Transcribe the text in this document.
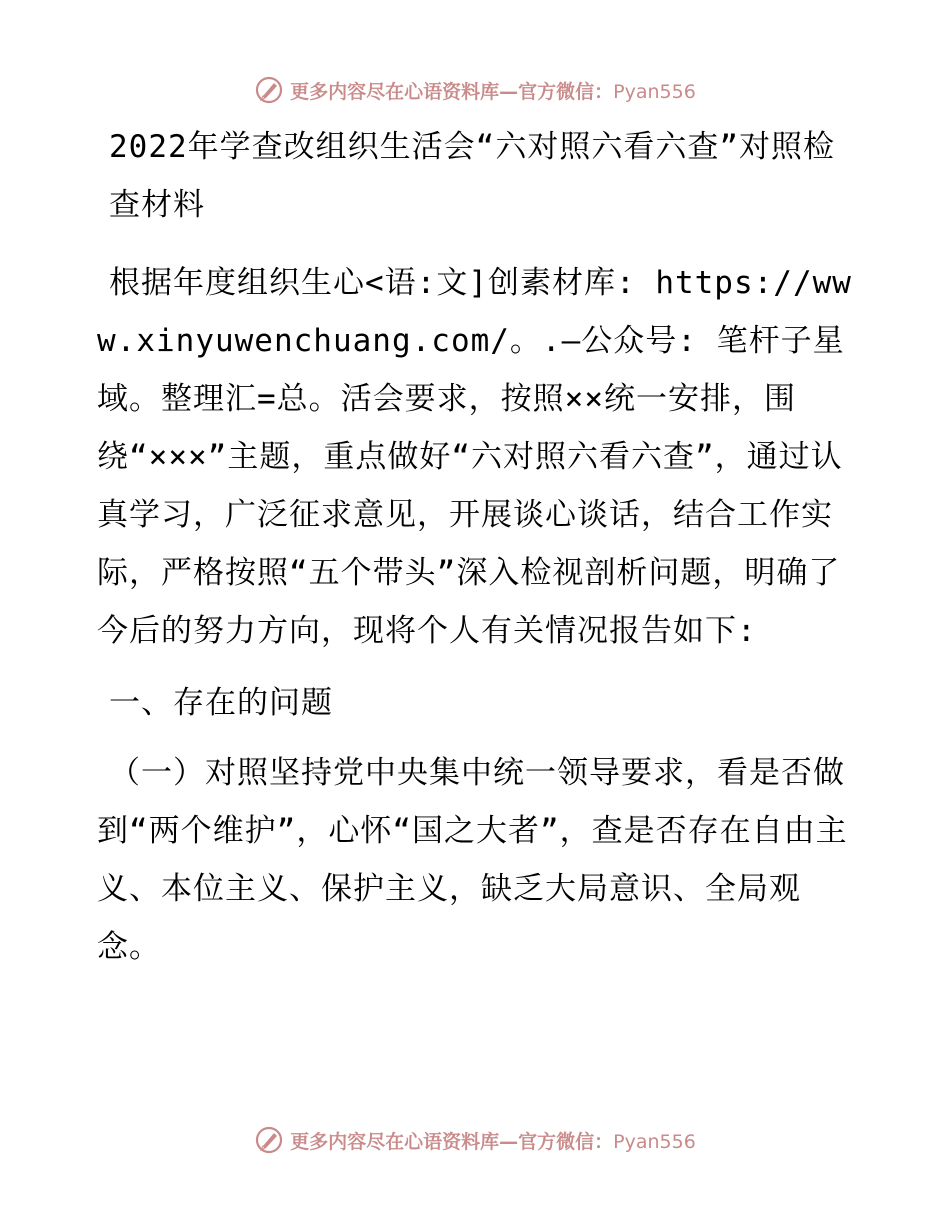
更多内容尽在心语资料库—官方微信：Pyan556
2022年学查改组织生活会“六对照六看六查”对照检查材料

根据年度组织生心<语:文]创素材库: https://www.xinyuwenchuang.com/。.—公众号: 笔杆子星域。整理汇=总。活会要求，按照××统一安排，围绕“×××”主题，重点做好“六对照六看六查”，通过认真学习，广泛征求意见，开展谈心谈话，结合工作实际，严格按照“五个带头”深入检视剖析问题，明确了今后的努力方向，现将个人有关情况报告如下:

一、存在的问题

（一）对照坚持党中央集中统一领导要求，看是否做到“两个维护”，心怀“国之大者”，查是否存在自由主义、本位主义、保护主义，缺乏大局意识、全局观念。

更多内容尽在心语资料库—官方微信：Pyan556
